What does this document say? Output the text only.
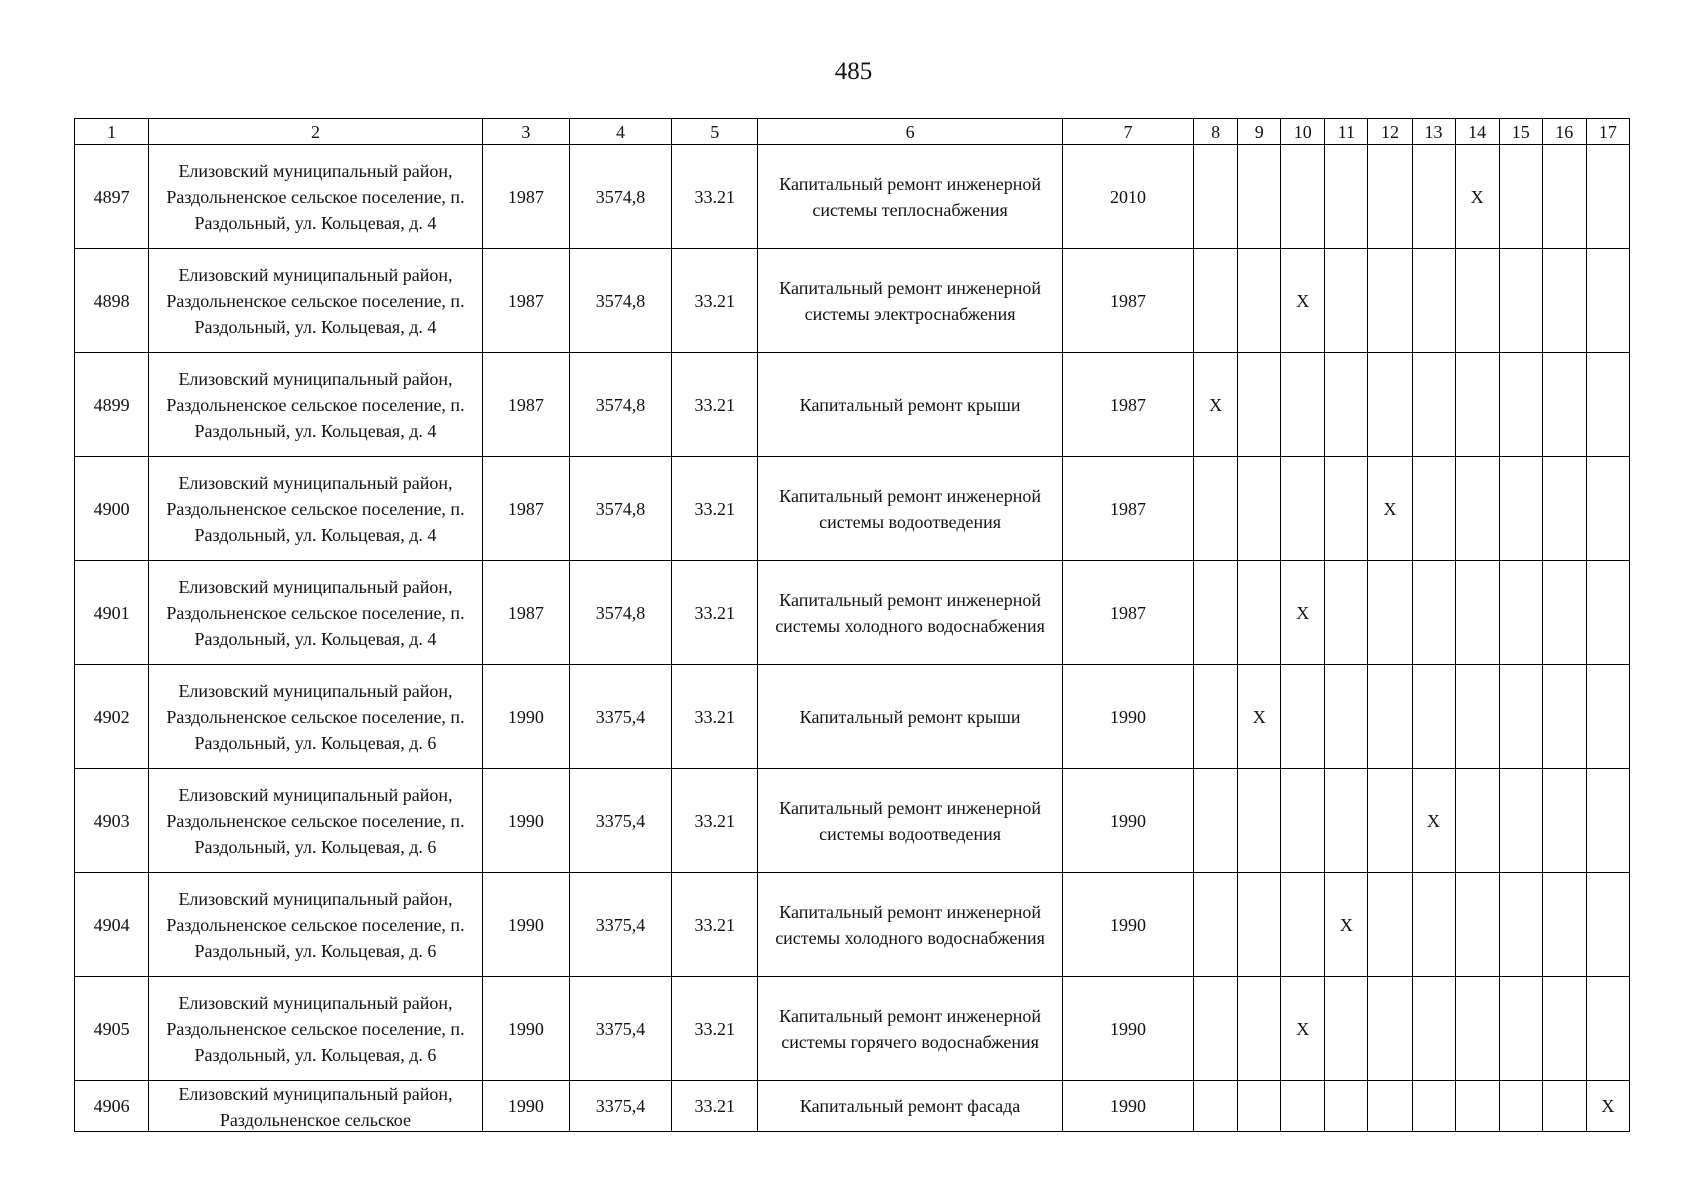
485
1	2	3	4	5	6	7	8	9	10	11	12	13	14	15	16	17
4897	Елизовский муниципальный район, Раздольненское сельское поселение, п. Раздольный, ул. Кольцевая, д. 4	1987	3574,8	33.21	Капитальный ремонт инженерной системы теплоснабжения	2010							X			
4898	Елизовский муниципальный район, Раздольненское сельское поселение, п. Раздольный, ул. Кольцевая, д. 4	1987	3574,8	33.21	Капитальный ремонт инженерной системы электроснабжения	1987			X							
4899	Елизовский муниципальный район, Раздольненское сельское поселение, п. Раздольный, ул. Кольцевая, д. 4	1987	3574,8	33.21	Капитальный ремонт крыши	1987	X									
4900	Елизовский муниципальный район, Раздольненское сельское поселение, п. Раздольный, ул. Кольцевая, д. 4	1987	3574,8	33.21	Капитальный ремонт инженерной системы водоотведения	1987					X					
4901	Елизовский муниципальный район, Раздольненское сельское поселение, п. Раздольный, ул. Кольцевая, д. 4	1987	3574,8	33.21	Капитальный ремонт инженерной системы холодного водоснабжения	1987			X							
4902	Елизовский муниципальный район, Раздольненское сельское поселение, п. Раздольный, ул. Кольцевая, д. 6	1990	3375,4	33.21	Капитальный ремонт крыши	1990		X								
4903	Елизовский муниципальный район, Раздольненское сельское поселение, п. Раздольный, ул. Кольцевая, д. 6	1990	3375,4	33.21	Капитальный ремонт инженерной системы водоотведения	1990						X				
4904	Елизовский муниципальный район, Раздольненское сельское поселение, п. Раздольный, ул. Кольцевая, д. 6	1990	3375,4	33.21	Капитальный ремонт инженерной системы холодного водоснабжения	1990				X						
4905	Елизовский муниципальный район, Раздольненское сельское поселение, п. Раздольный, ул. Кольцевая, д. 6	1990	3375,4	33.21	Капитальный ремонт инженерной системы горячего водоснабжения	1990			X							
4906	Елизовский муниципальный район, Раздольненское сельское	1990	3375,4	33.21	Капитальный ремонт фасада	1990										X
